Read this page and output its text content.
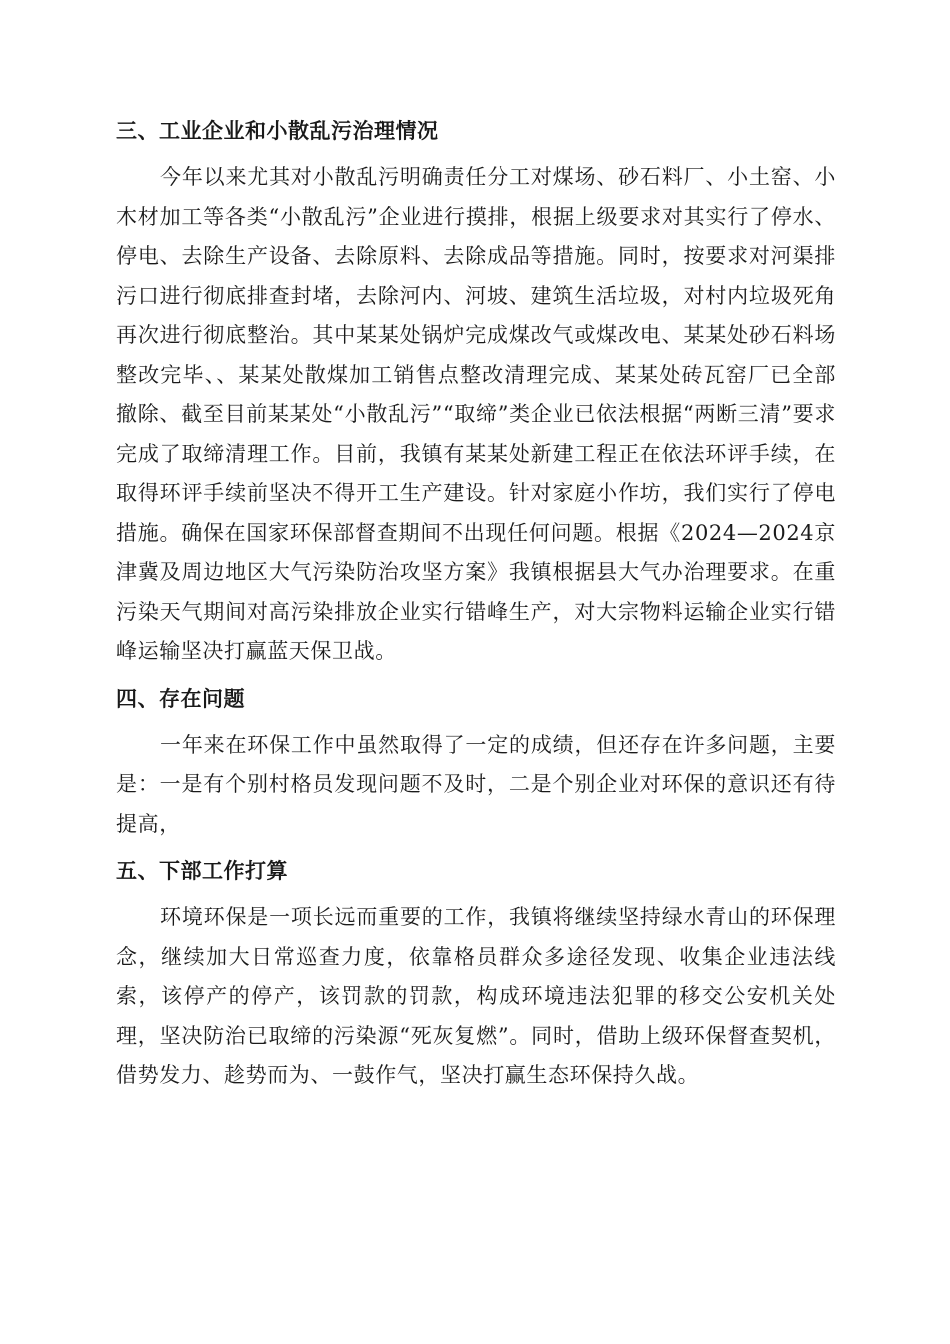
三、工业企业和小散乱污治理情况

今年以来尤其对小散乱污明确责任分工对煤场、砂石料厂、小土窑、小木材加工等各类“小散乱污”企业进行摸排，根据上级要求对其实行了停水、停电、去除生产设备、去除原料、去除成品等措施。同时，按要求对河渠排污口进行彻底排查封堵，去除河内、河坡、建筑生活垃圾，对村内垃圾死角再次进行彻底整治。其中某某处锅炉完成煤改气或煤改电、某某处砂石料场整改完毕、、某某处散煤加工销售点整改清理完成、某某处砖瓦窑厂已全部撤除、截至目前某某处“小散乱污”“取缔”类企业已依法根据“两断三清”要求完成了取缔清理工作。目前，我镇有某某处新建工程正在依法环评手续，在取得环评手续前坚决不得开工生产建设。针对家庭小作坊，我们实行了停电措施。确保在国家环保部督查期间不出现任何问题。根据《2024—2024京津冀及周边地区大气污染防治攻坚方案》我镇根据县大气办治理要求。在重污染天气期间对高污染排放企业实行错峰生产，对大宗物料运输企业实行错峰运输坚决打赢蓝天保卫战。

四、存在问题

一年来在环保工作中虽然取得了一定的成绩，但还存在许多问题，主要是：一是有个别村格员发现问题不及时，二是个别企业对环保的意识还有待提高，

五、下部工作打算

环境环保是一项长远而重要的工作，我镇将继续坚持绿水青山的环保理念，继续加大日常巡查力度，依靠格员群众多途径发现、收集企业违法线索，该停产的停产，该罚款的罚款，构成环境违法犯罪的移交公安机关处理，坚决防治已取缔的污染源“死灰复燃”。同时，借助上级环保督查契机，借势发力、趁势而为、一鼓作气，坚决打赢生态环保持久战。
